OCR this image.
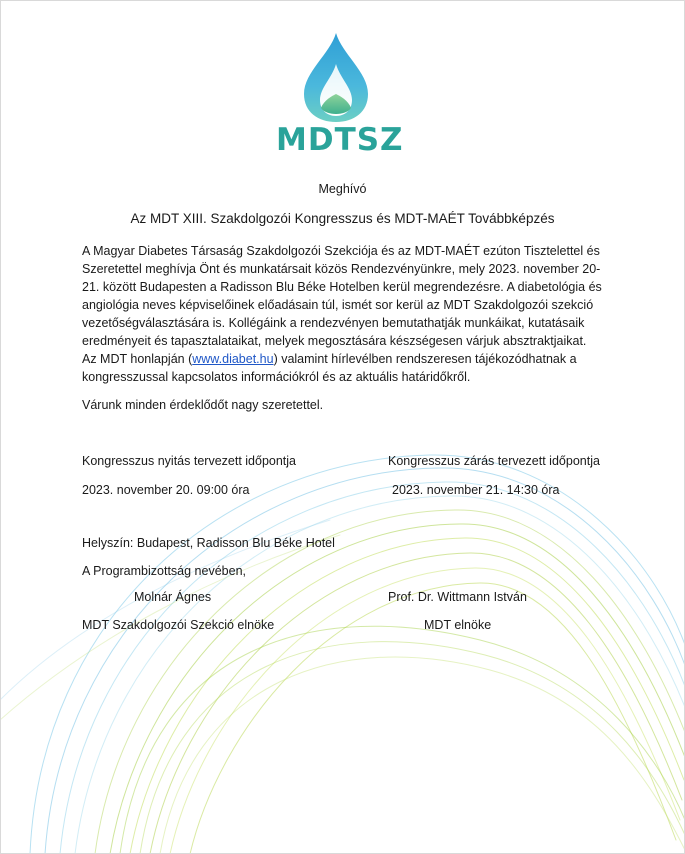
MDTSZ
Meghívó
Az MDT XIII. Szakdolgozói Kongresszus és MDT-MAÉT Továbbképzés
A Magyar Diabetes Társaság Szakdolgozói Szekciója és az MDT-MAÉT ezúton Tisztelettel és
Szeretettel meghívja Önt és munkatársait közös Rendezvényünkre, mely 2023. november 20-
21. között Budapesten a Radisson Blu Béke Hotelben kerül megrendezésre. A diabetológia és
angiológia neves képviselőinek előadásain túl, ismét sor kerül az MDT Szakdolgozói szekció
vezetőségválasztására is. Kollégáink a rendezvényen bemutathatják munkáikat, kutatásaik
eredményeit és tapasztalataikat, melyek megosztására készségesen várjuk absztraktjaikat.
Az MDT honlapján (www.diabet.hu) valamint hírlevélben rendszeresen tájékozódhatnak a
kongresszussal kapcsolatos információkról és az aktuális határidőkről.
Várunk minden érdeklődőt nagy szeretettel.
Kongresszus nyitás tervezett időpontja	Kongresszus zárás tervezett időpontja
2023. november 20. 09:00 óra	2023. november 21. 14:30 óra
Helyszín: Budapest, Radisson Blu Béke Hotel
A Programbizottság nevében,
Molnár Ágnes	Prof. Dr. Wittmann István
MDT Szakdolgozói Szekció elnöke	MDT elnöke
